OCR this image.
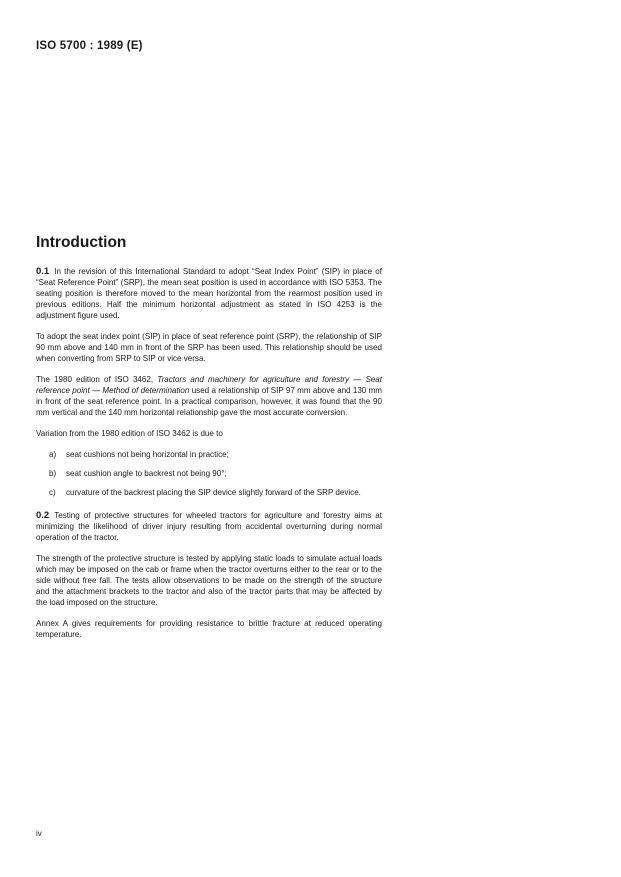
ISO 5700 : 1989 (E)
Introduction

0.1 In the revision of this International Standard to adopt “Seat Index Point” (SIP) in place of “Seat Reference Point” (SRP), the mean seat position is used in accordance with ISO 5353. The seating position is therefore moved to the mean horizontal from the rearmost position used in previous editions. Half the minimum horizontal adjustment as stated in ISO 4253 is the adjustment figure used.

To adopt the seat index point (SIP) in place of seat reference point (SRP), the relationship of SIP 90 mm above and 140 mm in front of the SRP has been used. This relationship should be used when converting from SRP to SIP or vice versa.

The 1980 edition of ISO 3462, Tractors and machinery for agriculture and forestry — Seat reference point — Method of determination used a relationship of SIP 97 mm above and 130 mm in front of the seat reference point. In a practical comparison, however, it was found that the 90 mm vertical and the 140 mm horizontal relationship gave the most accurate conversion.

Variation from the 1980 edition of ISO 3462 is due to

a) seat cushions not being horizontal in practice;
b) seat cushion angle to backrest not being 90°;
c) curvature of the backrest placing the SIP device slightly forward of the SRP device.

0.2 Testing of protective structures for wheeled tractors for agriculture and forestry aims at minimizing the likelihood of driver injury resulting from accidental overturning during normal operation of the tractor.

The strength of the protective structure is tested by applying static loads to simulate actual loads which may be imposed on the cab or frame when the tractor overturns either to the rear or to the side without free fall. The tests allow observations to be made on the strength of the structure and the attachment brackets to the tractor and also of the tractor parts that may be affected by the load imposed on the structure.

Annex A gives requirements for providing resistance to brittle fracture at reduced operating temperature.

iv
